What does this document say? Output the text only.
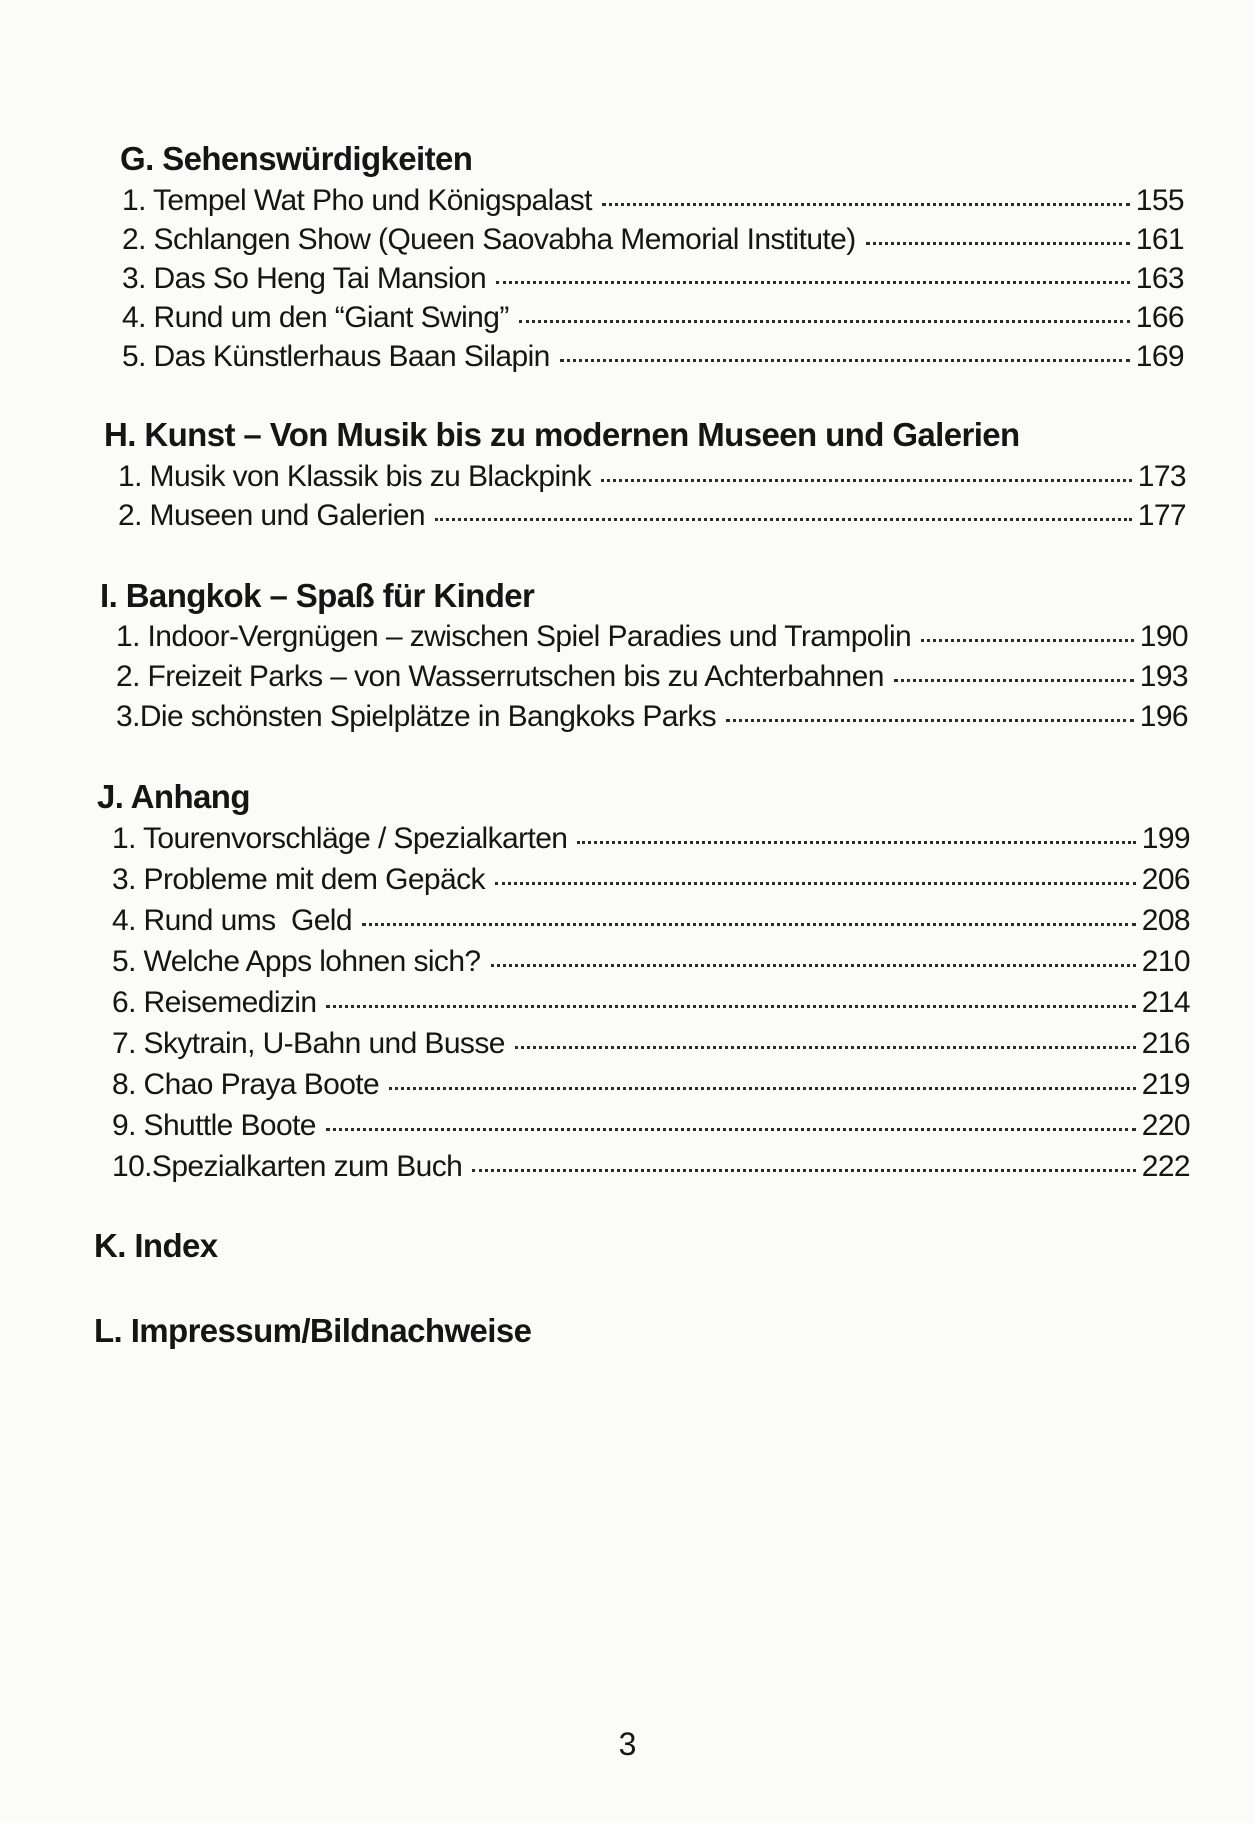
G. Sehenswürdigkeiten
1. Tempel Wat Pho und Königspalast	155
2. Schlangen Show (Queen Saovabha Memorial Institute)	161
3. Das So Heng Tai Mansion	163
4. Rund um den “Giant Swing”	166
5. Das Künstlerhaus Baan Silapin	169
H. Kunst – Von Musik bis zu modernen Museen und Galerien
1. Musik von Klassik bis zu Blackpink	173
2. Museen und Galerien	177
I. Bangkok – Spaß für Kinder
1. Indoor-Vergnügen – zwischen Spiel Paradies und Trampolin	190
2. Freizeit Parks – von Wasserrutschen bis zu Achterbahnen	193
3.Die schönsten Spielplätze in Bangkoks Parks	196
J. Anhang
1. Tourenvorschläge / Spezialkarten	199
3. Probleme mit dem Gepäck	206
4. Rund ums  Geld	208
5. Welche Apps lohnen sich?	210
6. Reisemedizin	214
7. Skytrain, U-Bahn und Busse	216
8. Chao Praya Boote	219
9. Shuttle Boote	220
10.Spezialkarten zum Buch	222
K. Index
L. Impressum/Bildnachweise
3
